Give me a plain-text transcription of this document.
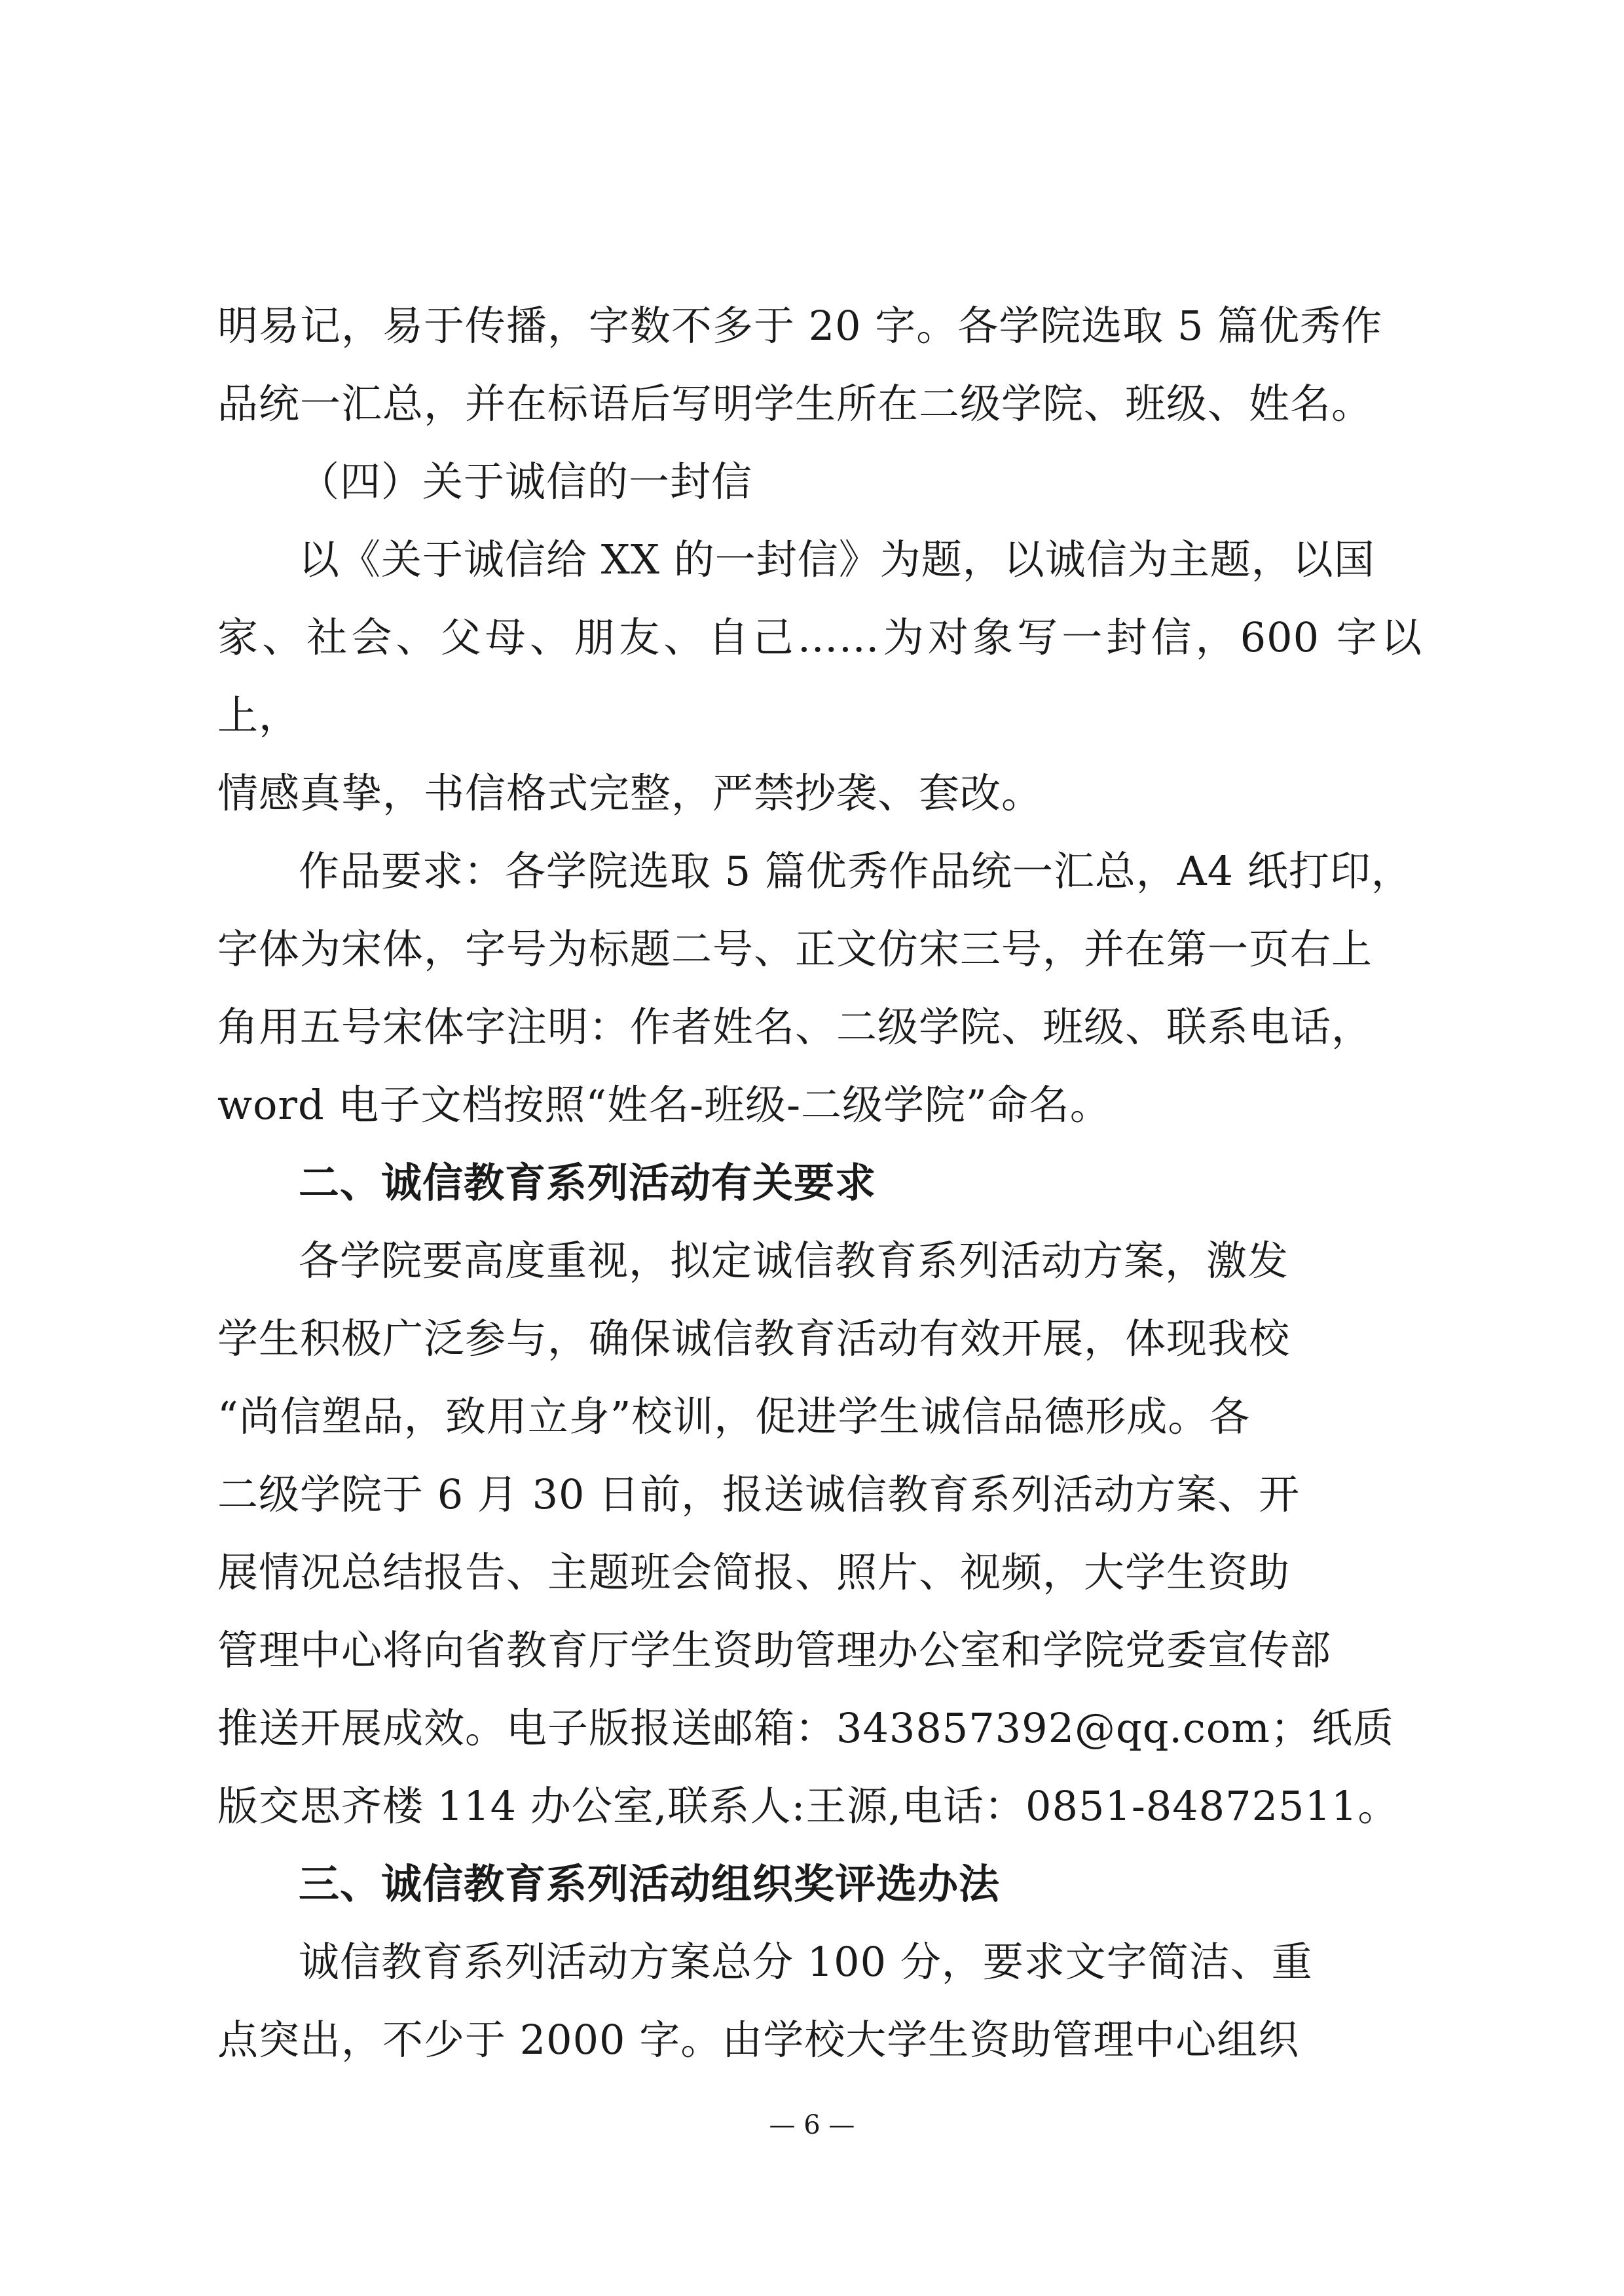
明易记，易于传播，字数不多于 20 字。各学院选取 5 篇优秀作

品统一汇总，并在标语后写明学生所在二级学院、班级、姓名。

（四）关于诚信的一封信

以《关于诚信给 XX 的一封信》为题，以诚信为主题，以国

家、社会、父母、朋友、自己……为对象写一封信，600 字以上，

情感真挚，书信格式完整，严禁抄袭、套改。

作品要求：各学院选取 5 篇优秀作品统一汇总，A4 纸打印，

字体为宋体，字号为标题二号、正文仿宋三号，并在第一页右上

角用五号宋体字注明：作者姓名、二级学院、班级、联系电话，

word 电子文档按照“姓名-班级-二级学院”命名。

二、诚信教育系列活动有关要求

各学院要高度重视，拟定诚信教育系列活动方案，激发

学生积极广泛参与，确保诚信教育活动有效开展，体现我校

“尚信塑品，致用立身”校训，促进学生诚信品德形成。各

二级学院于 6 月 30 日前，报送诚信教育系列活动方案、开

展情况总结报告、主题班会简报、照片、视频，大学生资助

管理中心将向省教育厅学生资助管理办公室和学院党委宣传部

推送开展成效。电子版报送邮箱：343857392@qq.com；纸质

版交思齐楼 114 办公室,联系人:王源,电话：0851-84872511。

三、诚信教育系列活动组织奖评选办法

诚信教育系列活动方案总分 100 分，要求文字简洁、重

点突出，不少于 2000 字。由学校大学生资助管理中心组织

— 6 —
